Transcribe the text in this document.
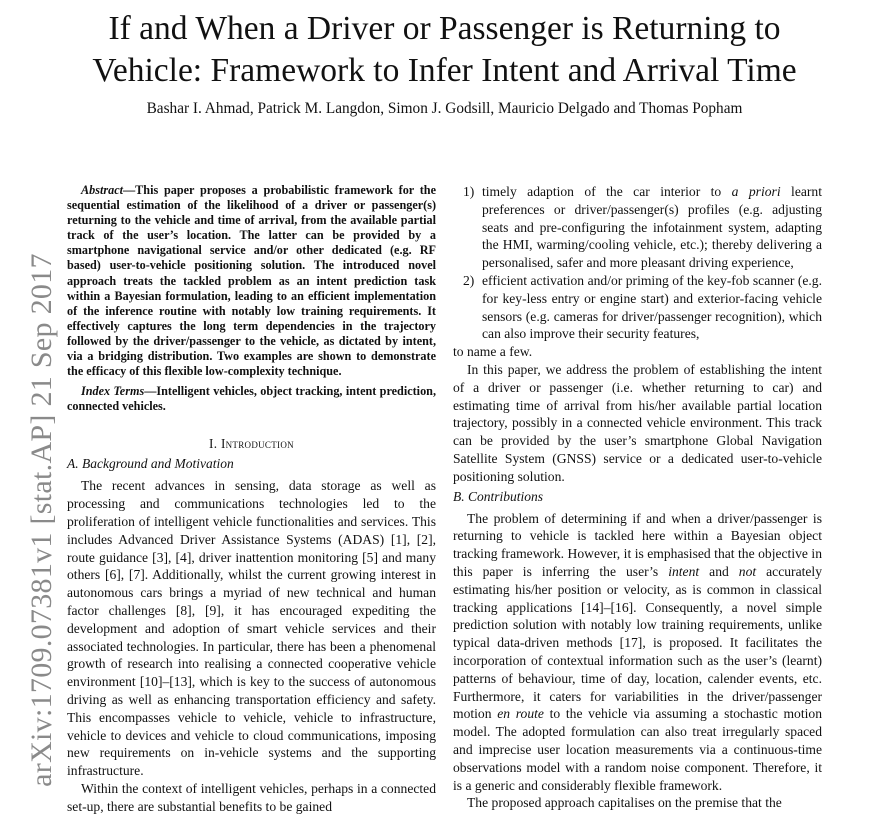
arXiv:1709.07381v1 [stat.AP] 21 Sep 2017
If and When a Driver or Passenger is Returning to
Vehicle: Framework to Infer Intent and Arrival Time

Bashar I. Ahmad, Patrick M. Langdon, Simon J. Godsill, Mauricio Delgado and Thomas Popham

Abstract—This paper proposes a probabilistic framework for the sequential estimation of the likelihood of a driver or passenger(s) returning to the vehicle and time of arrival, from the available partial track of the user’s location. The latter can be provided by a smartphone navigational service and/or other dedicated (e.g. RF based) user-to-vehicle positioning solution. The introduced novel approach treats the tackled problem as an intent prediction task within a Bayesian formulation, leading to an efficient implementation of the inference routine with notably low training requirements. It effectively captures the long term dependencies in the trajectory followed by the driver/passenger to the vehicle, as dictated by intent, via a bridging distribution. Two examples are shown to demonstrate the efficacy of this flexible low-complexity technique.

Index Terms—Intelligent vehicles, object tracking, intent prediction, connected vehicles.

I. Introduction
A. Background and Motivation

The recent advances in sensing, data storage as well as processing and communications technologies led to the proliferation of intelligent vehicle functionalities and services. This includes Advanced Driver Assistance Systems (ADAS) [1], [2], route guidance [3], [4], driver inattention monitoring [5] and many others [6], [7]. Additionally, whilst the current growing interest in autonomous cars brings a myriad of new technical and human factor challenges [8], [9], it has encouraged expediting the development and adoption of smart vehicle services and their associated technologies. In particular, there has been a phenomenal growth of research into realising a connected cooperative vehicle environment [10]–[13], which is key to the success of autonomous driving as well as enhancing transportation efficiency and safety. This encompasses vehicle to vehicle, vehicle to infrastructure, vehicle to devices and vehicle to cloud communications, imposing new requirements on in-vehicle systems and the supporting infrastructure.

Within the context of intelligent vehicles, perhaps in a connected set-up, there are substantial benefits to be gained

1) timely adaption of the car interior to a priori learnt preferences or driver/passenger(s) profiles (e.g. adjusting seats and pre-configuring the infotainment system, adapting the HMI, warming/cooling vehicle, etc.); thereby delivering a personalised, safer and more pleasant driving experience,
2) efficient activation and/or priming of the key-fob scanner (e.g. for key-less entry or engine start) and exterior-facing vehicle sensors (e.g. cameras for driver/passenger recognition), which can also improve their security features,

to name a few.

In this paper, we address the problem of establishing the intent of a driver or passenger (i.e. whether returning to car) and estimating time of arrival from his/her available partial location trajectory, possibly in a connected vehicle environment. This track can be provided by the user’s smartphone Global Navigation Satellite System (GNSS) service or a dedicated user-to-vehicle positioning solution.

B. Contributions

The problem of determining if and when a driver/passenger is returning to vehicle is tackled here within a Bayesian object tracking framework. However, it is emphasised that the objective in this paper is inferring the user’s intent and not accurately estimating his/her position or velocity, as is common in classical tracking applications [14]–[16]. Consequently, a novel simple prediction solution with notably low training requirements, unlike typical data-driven methods [17], is proposed. It facilitates the incorporation of contextual information such as the user’s (learnt) patterns of behaviour, time of day, location, calender events, etc. Furthermore, it caters for variabilities in the driver/passenger motion en route to the vehicle via assuming a stochastic motion model. The adopted formulation can also treat irregularly spaced and imprecise user location measurements via a continuous-time observations model with a random noise component. Therefore, it is a generic and considerably flexible framework.

The proposed approach capitalises on the premise that the
